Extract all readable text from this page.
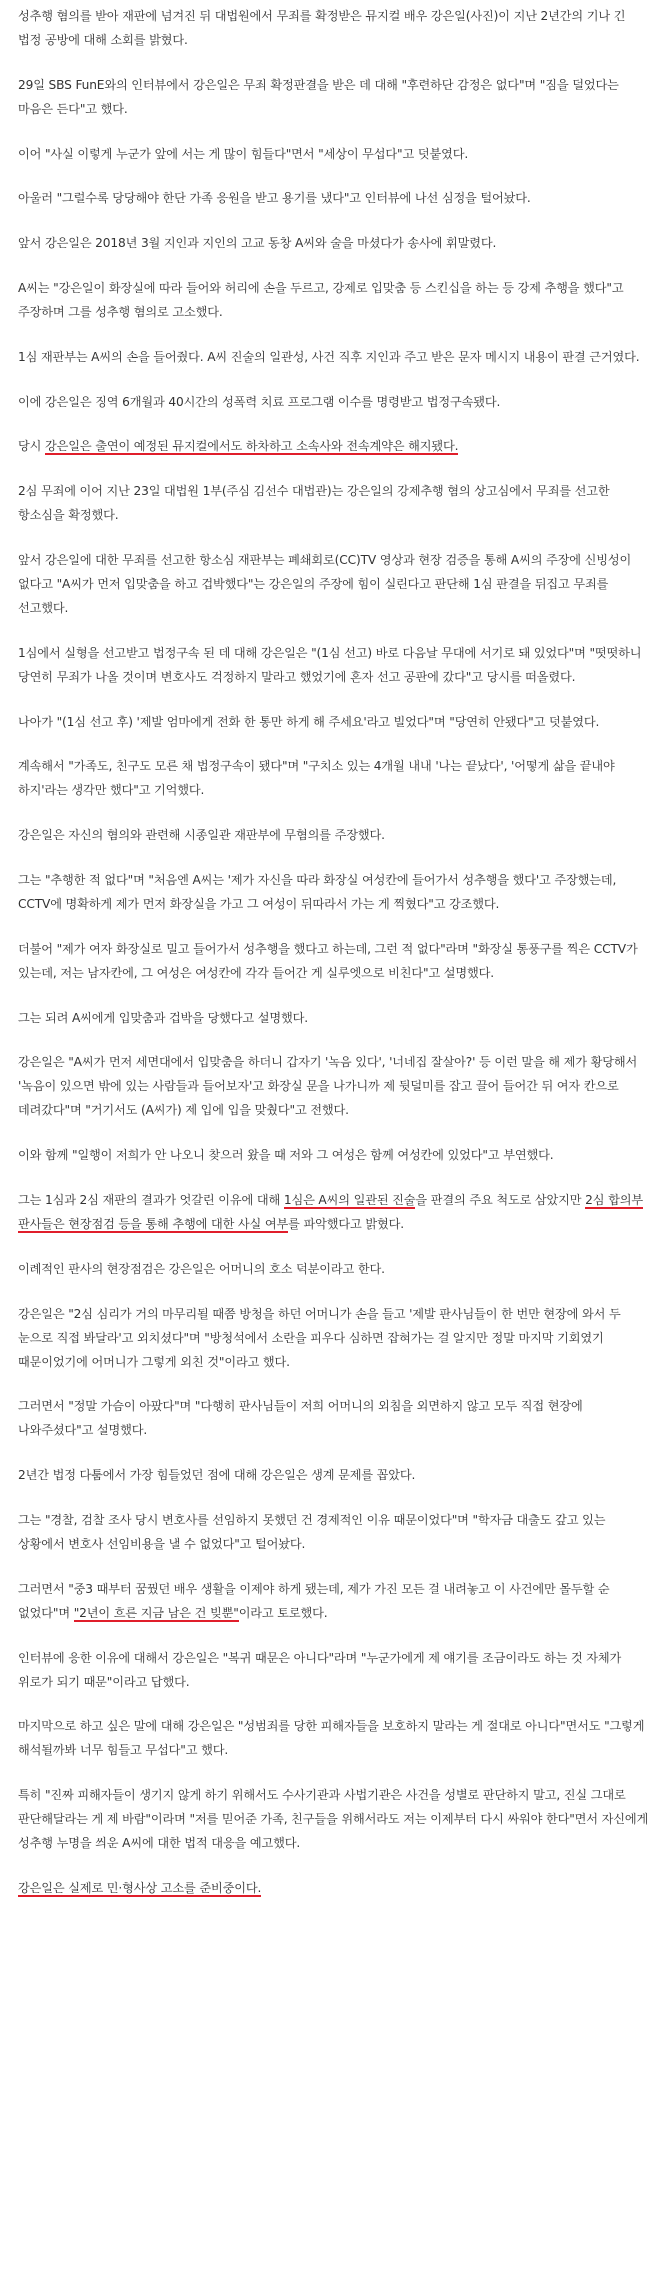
성추행 혐의를 받아 재판에 넘겨진 뒤 대법원에서 무죄를 확정받은 뮤지컬 배우 강은일(사진)이 지난 2년간의 기나 긴 법정 공방에 대해 소회를 밝혔다.

29일 SBS FunE와의 인터뷰에서 강은일은 무죄 확정판결을 받은 데 대해 "후련하단 감정은 없다"며 "짐을 덜었다는 마음은 든다"고 했다.

이어 "사실 이렇게 누군가 앞에 서는 게 많이 힘들다"면서 "세상이 무섭다"고 덧붙였다.

아울러 "그럴수록 당당해야 한단 가족 응원을 받고 용기를 냈다"고 인터뷰에 나선 심정을 털어놨다.

앞서 강은일은 2018년 3월 지인과 지인의 고교 동창 A씨와 술을 마셨다가 송사에 휘말렸다.

A씨는 "강은일이 화장실에 따라 들어와 허리에 손을 두르고, 강제로 입맞춤 등 스킨십을 하는 등 강제 추행을 했다"고 주장하며 그를 성추행 혐의로 고소했다.

1심 재판부는 A씨의 손을 들어줬다. A씨 진술의 일관성, 사건 직후 지인과 주고 받은 문자 메시지 내용이 판결 근거였다.

이에 강은일은 징역 6개월과 40시간의 성폭력 치료 프로그램 이수를 명령받고 법정구속됐다.

당시 강은일은 출연이 예정된 뮤지컬에서도 하차하고 소속사와 전속계약은 해지됐다.

2심 무죄에 이어 지난 23일 대법원 1부(주심 김선수 대법관)는 강은일의 강제추행 혐의 상고심에서 무죄를 선고한 항소심을 확정했다.

앞서 강은일에 대한 무죄를 선고한 항소심 재판부는 폐쇄회로(CC)TV 영상과 현장 검증을 통해 A씨의 주장에 신빙성이 없다고 "A씨가 먼저 입맞춤을 하고 겁박했다"는 강은일의 주장에 힘이 실린다고 판단해 1심 판결을 뒤집고 무죄를 선고했다.

1심에서 실형을 선고받고 법정구속 된 데 대해 강은일은 "(1심 선고) 바로 다음날 무대에 서기로 돼 있었다"며 "떳떳하니 당연히 무죄가 나올 것이며 변호사도 걱정하지 말라고 했었기에 혼자 선고 공판에 갔다"고 당시를 떠올렸다.

나아가 "(1심 선고 후) '제발 엄마에게 전화 한 통만 하게 해 주세요'라고 빌었다"며 "당연히 안됐다"고 덧붙였다.

계속해서 "가족도, 친구도 모른 채 법정구속이 됐다"며 "구치소 있는 4개월 내내 '나는 끝났다', '어떻게 삶을 끝내야 하지'라는 생각만 했다"고 기억했다.

강은일은 자신의 혐의와 관련해 시종일관 재판부에 무혐의를 주장했다.

그는 "추행한 적 없다"며 "처음엔 A씨는 '제가 자신을 따라 화장실 여성칸에 들어가서 성추행을 했다'고 주장했는데, CCTV에 명확하게 제가 먼저 화장실을 가고 그 여성이 뒤따라서 가는 게 찍혔다"고 강조했다.

더불어 "제가 여자 화장실로 밀고 들어가서 성추행을 했다고 하는데, 그런 적 없다"라며 "화장실 통풍구를 찍은 CCTV가 있는데, 저는 남자칸에, 그 여성은 여성칸에 각각 들어간 게 실루엣으로 비친다"고 설명했다.

그는 되려 A씨에게 입맞춤과 겁박을 당했다고 설명했다.

강은일은 "A씨가 먼저 세면대에서 입맞춤을 하더니 갑자기 '녹음 있다', '너네집 잘살아?' 등 이런 말을 해 제가 황당해서 '녹음이 있으면 밖에 있는 사람들과 들어보자'고 화장실 문을 나가니까 제 뒷덜미를 잡고 끌어 들어간 뒤 여자 칸으로 데려갔다"며 "거기서도 (A씨가) 제 입에 입을 맞췄다"고 전했다.

이와 함께 "일행이 저희가 안 나오니 찾으러 왔을 때 저와 그 여성은 함께 여성칸에 있었다"고 부연했다.

그는 1심과 2심 재판의 결과가 엇갈린 이유에 대해 1심은 A씨의 일관된 진술을 판결의 주요 척도로 삼았지만 2심 합의부 판사들은 현장점검 등을 통해 추행에 대한 사실 여부를 파악했다고 밝혔다.

이례적인 판사의 현장점검은 강은일은 어머니의 호소 덕분이라고 한다.

강은일은 "2심 심리가 거의 마무리될 때쯤 방청을 하던 어머니가 손을 들고 '제발 판사님들이 한 번만 현장에 와서 두 눈으로 직접 봐달라'고 외치셨다"며 "방청석에서 소란을 피우다 심하면 잡혀가는 걸 알지만 정말 마지막 기회였기 때문이었기에 어머니가 그렇게 외친 것"이라고 했다.

그러면서 "정말 가슴이 아팠다"며 "다행히 판사님들이 저희 어머니의 외침을 외면하지 않고 모두 직접 현장에 나와주셨다"고 설명했다.

2년간 법정 다툼에서 가장 힘들었던 점에 대해 강은일은 생계 문제를 꼽았다.

그는 "경찰, 검찰 조사 당시 변호사를 선임하지 못했던 건 경제적인 이유 때문이었다"며 "학자금 대출도 갚고 있는 상황에서 변호사 선임비용을 낼 수 없었다"고 털어놨다.

그러면서 "중3 때부터 꿈꿨던 배우 생활을 이제야 하게 됐는데, 제가 가진 모든 걸 내려놓고 이 사건에만 몰두할 순 없었다"며 "2년이 흐른 지금 남은 건 빚뿐"이라고 토로했다.

인터뷰에 응한 이유에 대해서 강은일은 "복귀 때문은 아니다"라며 "누군가에게 제 얘기를 조금이라도 하는 것 자체가 위로가 되기 때문"이라고 답했다.

마지막으로 하고 싶은 말에 대해 강은일은 "성범죄를 당한 피해자들을 보호하지 말라는 게 절대로 아니다"면서도 "그렇게 해석될까봐 너무 힘들고 무섭다"고 했다.

특히 "진짜 피해자들이 생기지 않게 하기 위해서도 수사기관과 사법기관은 사건을 성별로 판단하지 말고, 진실 그대로 판단해달라는 게 제 바람"이라며 "저를 믿어준 가족, 친구들을 위해서라도 저는 이제부터 다시 싸워야 한다"면서 자신에게 성추행 누명을 씌운 A씨에 대한 법적 대응을 예고했다.

강은일은 실제로 민·형사상 고소를 준비중이다.
